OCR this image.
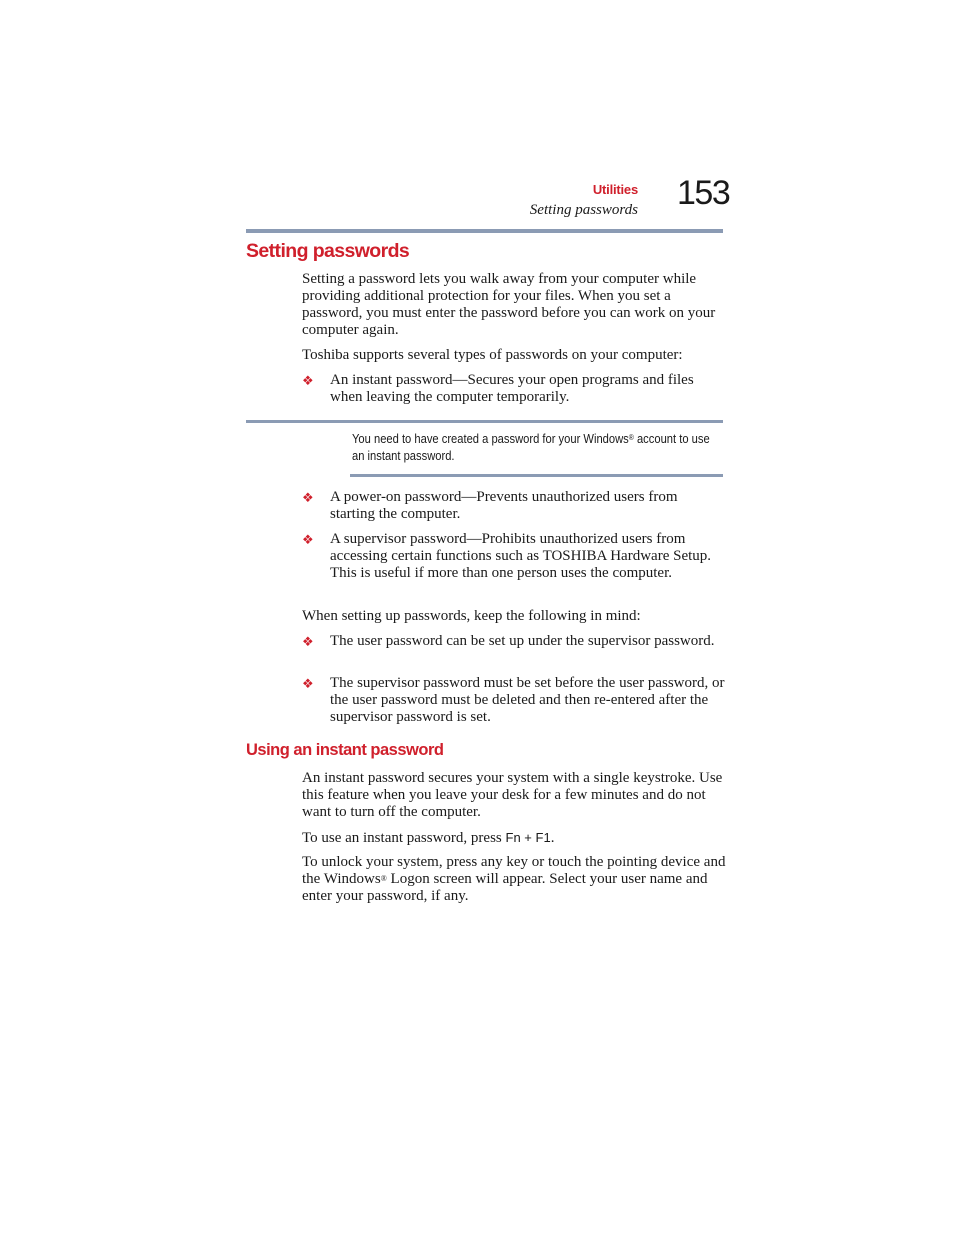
Utilities
Setting passwords 153
Setting passwords

Setting a password lets you walk away from your computer while providing additional protection for your files. When you set a password, you must enter the password before you can work on your computer again.

Toshiba supports several types of passwords on your computer:

❖ An instant password—Secures your open programs and files when leaving the computer temporarily.
You need to have created a password for your Windows® account to use an instant password.
❖ A power-on password—Prevents unauthorized users from starting the computer.
❖ A supervisor password—Prohibits unauthorized users from accessing certain functions such as TOSHIBA Hardware Setup. This is useful if more than one person uses the computer.

When setting up passwords, keep the following in mind:

❖ The user password can be set up under the supervisor password.
❖ The supervisor password must be set before the user password, or the user password must be deleted and then re-entered after the supervisor password is set.
Using an instant password

An instant password secures your system with a single keystroke. Use this feature when you leave your desk for a few minutes and do not want to turn off the computer.

To use an instant password, press Fn + F1.

To unlock your system, press any key or touch the pointing device and the Windows® Logon screen will appear. Select your user name and enter your password, if any.
